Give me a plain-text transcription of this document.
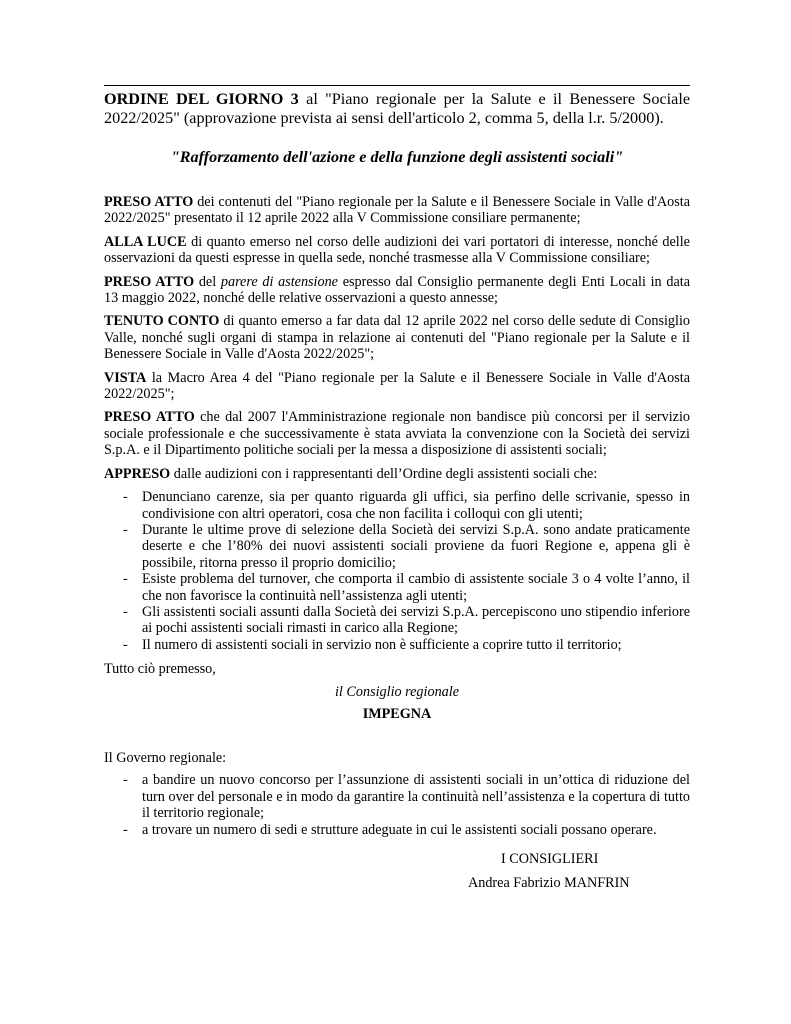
ORDINE DEL GIORNO 3 al "Piano regionale per la Salute e il Benessere Sociale 2022/2025" (approvazione prevista ai sensi dell'articolo 2, comma 5, della l.r. 5/2000).
"Rafforzamento dell'azione e della funzione degli assistenti sociali"

PRESO ATTO dei contenuti del "Piano regionale per la Salute e il Benessere Sociale in Valle d'Aosta 2022/2025" presentato il 12 aprile 2022 alla V Commissione consiliare permanente;

ALLA LUCE di quanto emerso nel corso delle audizioni dei vari portatori di interesse, nonché delle osservazioni da questi espresse in quella sede, nonché trasmesse alla V Commissione consiliare;

PRESO ATTO del parere di astensione espresso dal Consiglio permanente degli Enti Locali in data 13 maggio 2022, nonché delle relative osservazioni a questo annesse;

TENUTO CONTO di quanto emerso a far data dal 12 aprile 2022 nel corso delle sedute di Consiglio Valle, nonché sugli organi di stampa in relazione ai contenuti del "Piano regionale per la Salute e il Benessere Sociale in Valle d'Aosta 2022/2025";

VISTA la Macro Area 4 del "Piano regionale per la Salute e il Benessere Sociale in Valle d'Aosta 2022/2025";

PRESO ATTO che dal 2007 l'Amministrazione regionale non bandisce più concorsi per il servizio sociale professionale e che successivamente è stata avviata la convenzione con la Società dei servizi S.p.A. e il Dipartimento politiche sociali per la messa a disposizione di assistenti sociali;

APPRESO dalle audizioni con i rappresentanti dell’Ordine degli assistenti sociali che:

- Denunciano carenze, sia per quanto riguarda gli uffici, sia perfino delle scrivanie, spesso in condivisione con altri operatori, cosa che non facilita i colloqui con gli utenti;
- Durante le ultime prove di selezione della Società dei servizi S.p.A. sono andate praticamente deserte e che l’80% dei nuovi assistenti sociali proviene da fuori Regione e, appena gli è possibile, ritorna presso il proprio domicilio;
- Esiste problema del turnover, che comporta il cambio di assistente sociale 3 o 4 volte l’anno, il che non favorisce la continuità nell’assistenza agli utenti;
- Gli assistenti sociali assunti dalla Società dei servizi S.p.A. percepiscono uno stipendio inferiore ai pochi assistenti sociali rimasti in carico alla Regione;
- Il numero di assistenti sociali in servizio non è sufficiente a coprire tutto il territorio;

Tutto ciò premesso,

il Consiglio regionale

IMPEGNA

Il Governo regionale:

- a bandire un nuovo concorso per l’assunzione di assistenti sociali in un’ottica di riduzione del turn over del personale e in modo da garantire la continuità nell’assistenza e la copertura di tutto il territorio regionale;
- a trovare un numero di sedi e strutture adeguate in cui le assistenti sociali possano operare.
I CONSIGLIERI
Andrea Fabrizio MANFRIN
